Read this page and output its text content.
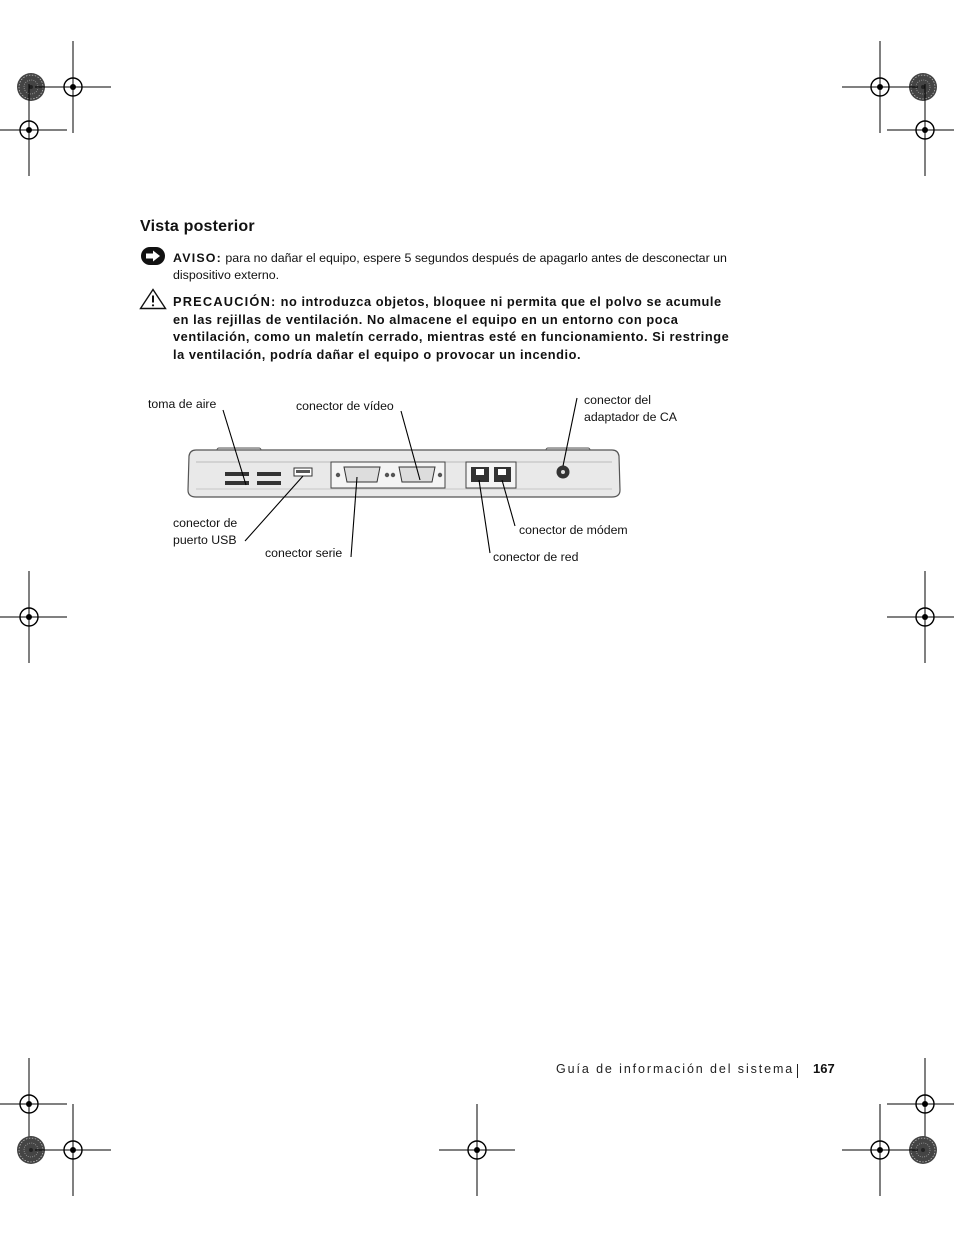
Vista posterior
AVISO: para no dañar el equipo, espere 5 segundos después de apagarlo antes de desconectar un dispositivo externo.
PRECAUCIÓN: no introduzca objetos, bloquee ni permita que el polvo se acumule en las rejillas de ventilación. No almacene el equipo en un entorno con poca ventilación, como un maletín cerrado, mientras esté en funcionamiento. Si restringe la ventilación, podría dañar el equipo o provocar un incendio.
toma de aire	conector de vídeo	conector del
adaptador de CA
conector de
puerto USB
conector serie
conector de módem
conector de red
Guía de información del sistema 167
